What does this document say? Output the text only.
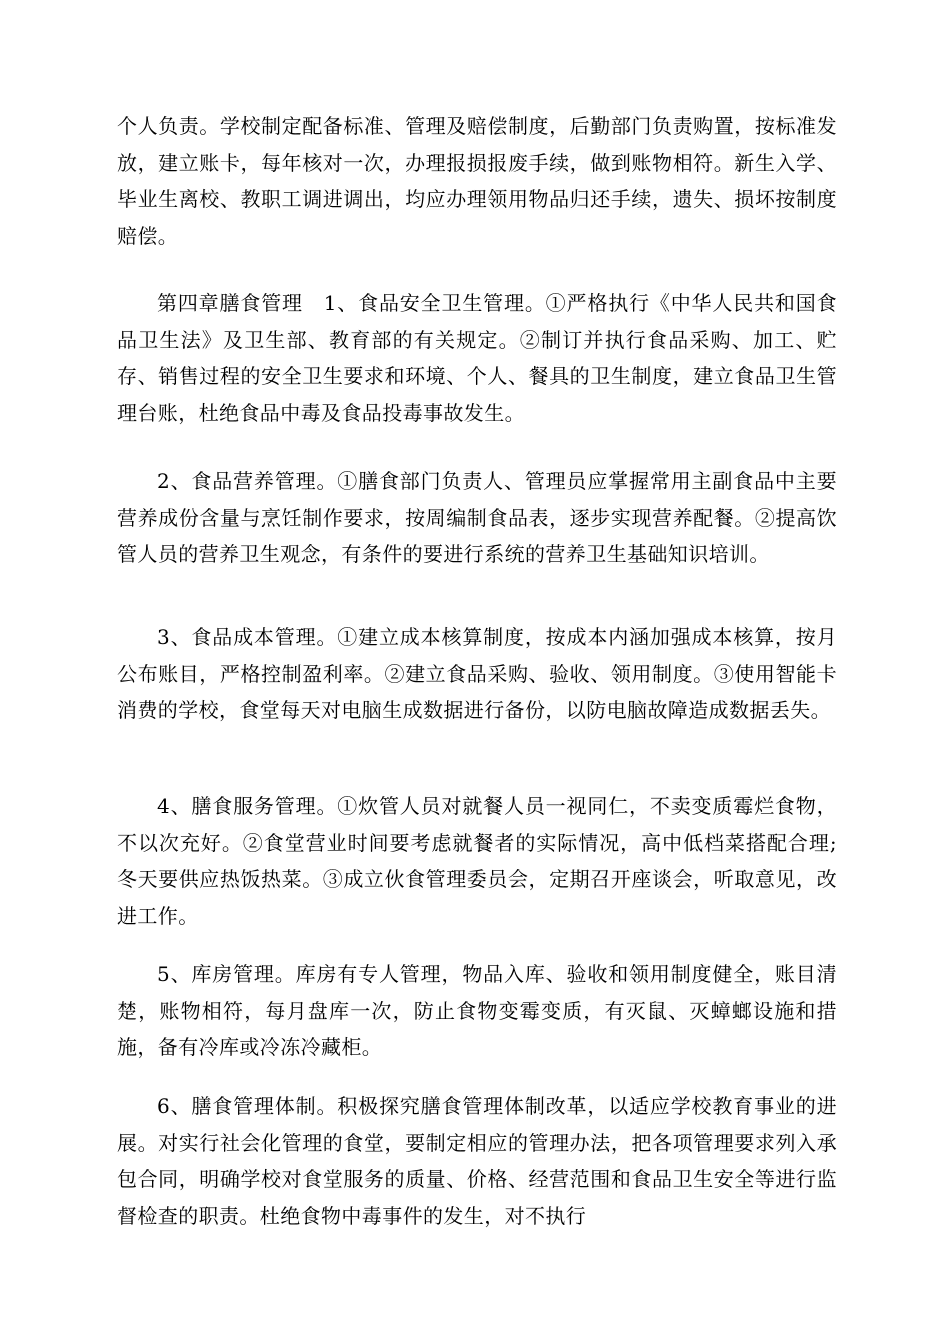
个人负责。学校制定配备标准、管理及赔偿制度，后勤部门负责购置，按标准发放，建立账卡，每年核对一次，办理报损报废手续，做到账物相符。新生入学、毕业生离校、教职工调进调出，均应办理领用物品归还手续，遗失、损坏按制度赔偿。

第四章膳食管理　1、食品安全卫生管理。①严格执行《中华人民共和国食品卫生法》及卫生部、教育部的有关规定。②制订并执行食品采购、加工、贮存、销售过程的安全卫生要求和环境、个人、餐具的卫生制度，建立食品卫生管理台账，杜绝食品中毒及食品投毒事故发生。

2、食品营养管理。①膳食部门负责人、管理员应掌握常用主副食品中主要营养成份含量与烹饪制作要求，按周编制食品表，逐步实现营养配餐。②提高饮管人员的营养卫生观念，有条件的要进行系统的营养卫生基础知识培训。

3、食品成本管理。①建立成本核算制度，按成本内涵加强成本核算，按月公布账目，严格控制盈利率。②建立食品采购、验收、领用制度。③使用智能卡消费的学校，食堂每天对电脑生成数据进行备份，以防电脑故障造成数据丢失。

4、膳食服务管理。①炊管人员对就餐人员一视同仁，不卖变质霉烂食物，不以次充好。②食堂营业时间要考虑就餐者的实际情况，高中低档菜搭配合理;冬天要供应热饭热菜。③成立伙食管理委员会，定期召开座谈会，听取意见，改进工作。

5、库房管理。库房有专人管理，物品入库、验收和领用制度健全，账目清楚，账物相符，每月盘库一次，防止食物变霉变质，有灭鼠、灭蟑螂设施和措施，备有冷库或冷冻冷藏柜。

6、膳食管理体制。积极探究膳食管理体制改革，以适应学校教育事业的进展。对实行社会化管理的食堂，要制定相应的管理办法，把各项管理要求列入承包合同，明确学校对食堂服务的质量、价格、经营范围和食品卫生安全等进行监督检查的职责。杜绝食物中毒事件的发生，对不执行
